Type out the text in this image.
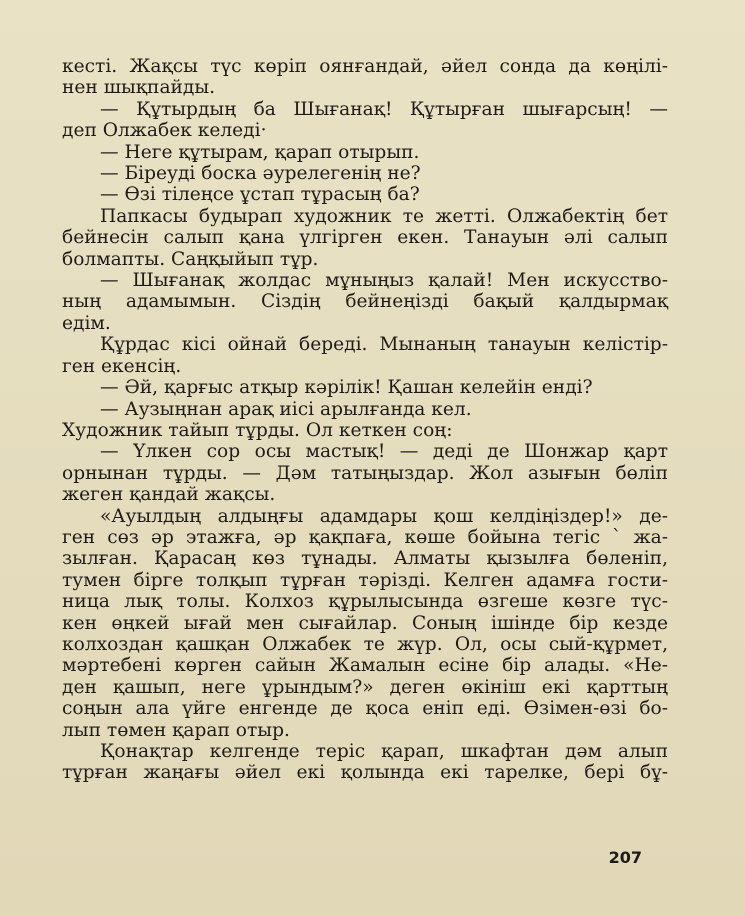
кесті. Жақсы түс көріп оянғандай, әйел сонда да көңілі-
нен шықпайды.
— Құтырдың ба Шығанақ! Құтырған шығарсың! —
деп Олжабек келеді·
— Неге құтырам, қарап отырып.
— Біреуді боска әурелегенің не?
— Өзі тілеңсе ұстап тұрасың ба?
Папкасы будырап художник те жетті. Олжабектің бет
бейнесін салып қана үлгірген екен. Танауын әлі салып
болмапты. Саңқыйып тұр.
— Шығанақ жолдас мұныңыз қалай! Мен искусство-
ның адамымын. Сіздің бейнеңізді бақый қалдырмақ
едім.
Құрдас кісі ойнай береді. Мынаның танауын келістір-
ген екенсің.
— Әй, қарғыс атқыр кәрілік! Қашан келейін енді?
— Аузыңнан арақ иісі арылғанда кел.
Художник тайып тұрды. Ол кеткен соң:
— Үлкен сор осы мастық! — деді де Шонжар қарт
орнынан тұрды. — Дәм татыңыздар. Жол азығын бөліп
жеген қандай жақсы.
«Ауылдың алдыңғы адамдары қош келдіңіздер!» де-
ген сөз әр этажға, әр қақпаға, көше бойына тегіс ` жа-
зылған. Қарасаң көз тұнады. Алматы қызылға бөленіп,
тумен бірге толқып тұрған тәрізді. Келген адамға гости-
ница лық толы. Колхоз құрылысында өзгеше көзге түс-
кен өңкей ығай мен сығайлар. Соның ішінде бір кезде
колхоздан қашқан Олжабек те жүр. Ол, осы сый-құрмет,
мәртебені көрген сайын Жамалын есіне бір алады. «Не-
ден қашып, неге ұрындым?» деген өкініш екі қарттың
соңын ала үйге енгенде де қоса еніп еді. Өзімен-өзі бо-
лып төмен қарап отыр.
Қонақтар келгенде теріс қарап, шкафтан дәм алып
тұрған жаңағы әйел екі қолында екі тарелке, бері бұ-
207
